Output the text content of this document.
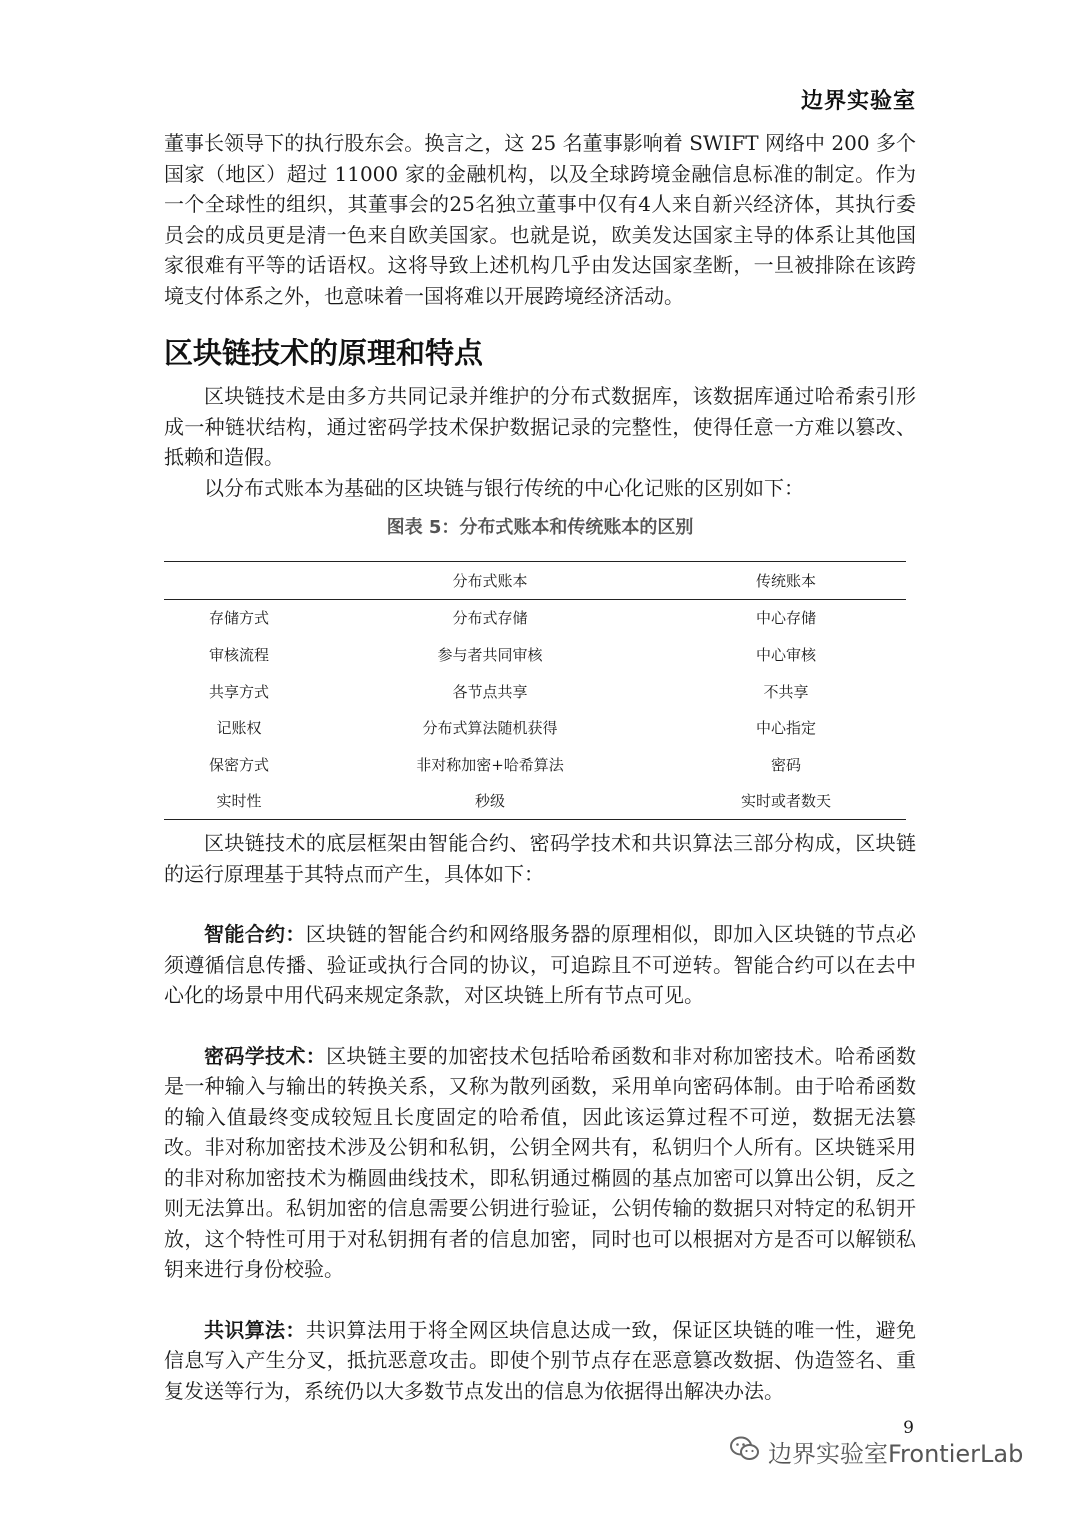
边界实验室

董事长领导下的执行股东会。换言之，这 25 名董事影响着 SWIFT 网络中 200 多个国家（地区）超过 11000 家的金融机构，以及全球跨境金融信息标准的制定。作为一个全球性的组织，其董事会的25名独立董事中仅有4人来自新兴经济体，其执行委员会的成员更是清一色来自欧美国家。也就是说，欧美发达国家主导的体系让其他国家很难有平等的话语权。这将导致上述机构几乎由发达国家垄断，一旦被排除在该跨境支付体系之外，也意味着一国将难以开展跨境经济活动。

区块链技术的原理和特点

区块链技术是由多方共同记录并维护的分布式数据库，该数据库通过哈希索引形成一种链状结构，通过密码学技术保护数据记录的完整性，使得任意一方难以篡改、抵赖和造假。

以分布式账本为基础的区块链与银行传统的中心化记账的区别如下：

图表 5：分布式账本和传统账本的区别
	分布式账本	传统账本
存储方式	分布式存储	中心存储
审核流程	参与者共同审核	中心审核
共享方式	各节点共享	不共享
记账权	分布式算法随机获得	中心指定
保密方式	非对称加密+哈希算法	密码
实时性	秒级	实时或者数天

区块链技术的底层框架由智能合约、密码学技术和共识算法三部分构成，区块链的运行原理基于其特点而产生，具体如下：

智能合约：区块链的智能合约和网络服务器的原理相似，即加入区块链的节点必须遵循信息传播、验证或执行合同的协议，可追踪且不可逆转。智能合约可以在去中心化的场景中用代码来规定条款，对区块链上所有节点可见。

密码学技术：区块链主要的加密技术包括哈希函数和非对称加密技术。哈希函数是一种输入与输出的转换关系，又称为散列函数，采用单向密码体制。由于哈希函数的输入值最终变成较短且长度固定的哈希值，因此该运算过程不可逆，数据无法篡改。非对称加密技术涉及公钥和私钥，公钥全网共有，私钥归个人所有。区块链采用的非对称加密技术为椭圆曲线技术，即私钥通过椭圆的基点加密可以算出公钥，反之则无法算出。私钥加密的信息需要公钥进行验证，公钥传输的数据只对特定的私钥开放，这个特性可用于对私钥拥有者的信息加密，同时也可以根据对方是否可以解锁私钥来进行身份校验。

共识算法：共识算法用于将全网区块信息达成一致，保证区块链的唯一性，避免信息写入产生分叉，抵抗恶意攻击。即使个别节点存在恶意篡改数据、伪造签名、重复发送等行为，系统仍以大多数节点发出的信息为依据得出解决办法。

9
边界实验室FrontierLab
